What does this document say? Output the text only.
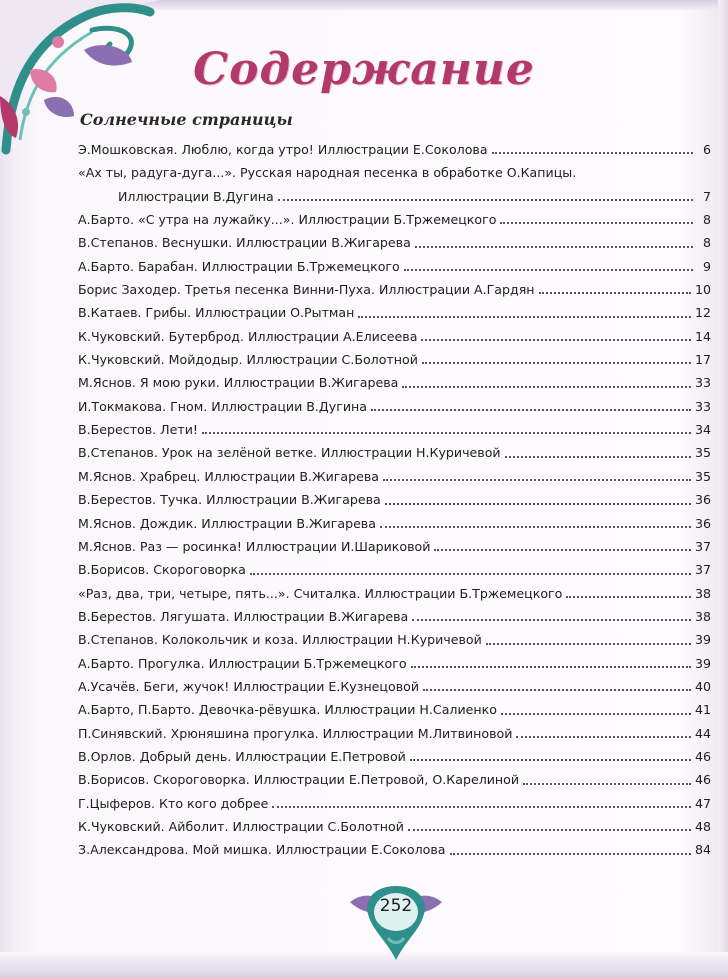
Содержание
Солнечные страницы
Э.Мошковская. Люблю, когда утро! Иллюстрации Е.Соколова	6
«Ах ты, радуга-дуга...». Русская народная песенка в обработке О.Капицы.
Иллюстрации В.Дугина	7
А.Барто. «С утра на лужайку...». Иллюстрации Б.Тржемецкого	8
В.Степанов. Веснушки. Иллюстрации В.Жигарева	8
А.Барто. Барабан. Иллюстрации Б.Тржемецкого	9
Борис Заходер. Третья песенка Винни-Пуха. Иллюстрации А.Гардян	10
В.Катаев. Грибы. Иллюстрации О.Рытман	12
К.Чуковский. Бутерброд. Иллюстрации А.Елисеева	14
К.Чуковский. Мойдодыр. Иллюстрации С.Болотной	17
М.Яснов. Я мою руки. Иллюстрации В.Жигарева	33
И.Токмакова. Гном. Иллюстрации В.Дугина	33
В.Берестов. Лети!	34
В.Степанов. Урок на зелёной ветке. Иллюстрации Н.Куричевой	35
М.Яснов. Храбрец. Иллюстрации В.Жигарева	35
В.Берестов. Тучка. Иллюстрации В.Жигарева	36
М.Яснов. Дождик. Иллюстрации В.Жигарева	36
М.Яснов. Раз — росинка! Иллюстрации И.Шариковой	37
В.Борисов. Скороговорка	37
«Раз, два, три, четыре, пять...». Считалка. Иллюстрации Б.Тржемецкого	38
В.Берестов. Лягушата. Иллюстрации В.Жигарева	38
В.Степанов. Колокольчик и коза. Иллюстрации Н.Куричевой	39
А.Барто. Прогулка. Иллюстрации Б.Тржемецкого	39
А.Усачёв. Беги, жучок! Иллюстрации Е.Кузнецовой	40
А.Барто, П.Барто. Девочка-рёвушка. Иллюстрации Н.Салиенко	41
П.Синявский. Хрюняшина прогулка. Иллюстрации М.Литвиновой	44
В.Орлов. Добрый день. Иллюстрации Е.Петровой	46
В.Борисов. Скороговорка. Иллюстрации Е.Петровой, О.Карелиной	46
Г.Цыферов. Кто кого добрее	47
К.Чуковский. Айболит. Иллюстрации С.Болотной	48
З.Александрова. Мой мишка. Иллюстрации Е.Соколова	84
252
